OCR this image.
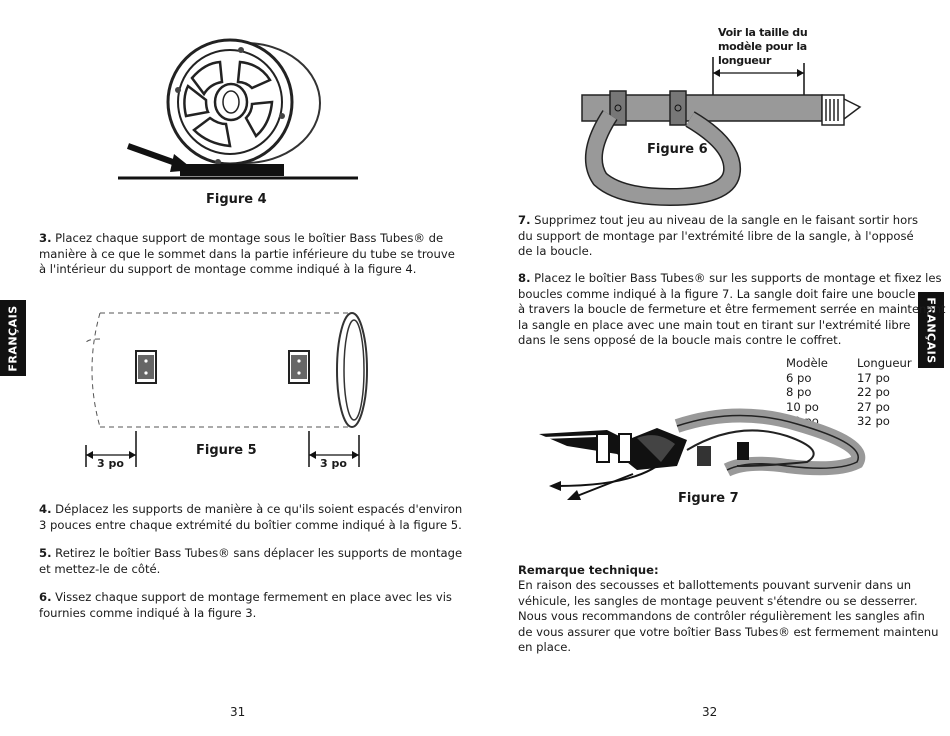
Figure 4

3. Placez chaque support de montage sous le boîtier Bass Tubes® de
manière à ce que le sommet dans la partie inférieure du tube se trouve
à l'intérieur du support de montage comme indiqué à la figure 4.

FRANÇAIS
3 po	3 po
Figure 5

4. Déplacez les supports de manière à ce qu'ils soient espacés d'environ
3 pouces entre chaque extrémité du boîtier comme indiqué à la figure 5.

5. Retirez le boîtier Bass Tubes® sans déplacer les supports de montage
et mettez-le de côté.

6. Vissez chaque support de montage fermement en place avec les vis
fournies comme indiqué à la figure 3.

31
Voir la taille du
modèle pour la
longueur
Figure 6
FRANÇAIS

7. Supprimez tout jeu au niveau de la sangle en le faisant sortir hors
du support de montage par l'extrémité libre de la sangle, à l'opposé
de la boucle.

8. Placez le boîtier Bass Tubes® sur les supports de montage et fixez les
boucles comme indiqué à la figure 7. La sangle doit faire une boucle
à travers la boucle de fermeture et être fermement serrée en maintenant
la sangle en place avec une main tout en tirant sur l'extrémité libre
dans le sens opposé de la boucle mais contre le coffret.

Modèle
6 po
8 po
10 po
12 po
Longueur
17 po
22 po
27 po
32 po
Figure 7
Remarque technique:

En raison des secousses et ballottements pouvant survenir dans un
véhicule, les sangles de montage peuvent s'étendre ou se desserrer.
Nous vous recommandons de contrôler régulièrement les sangles afin
de vous assurer que votre boîtier Bass Tubes® est fermement maintenu
en place.

32
